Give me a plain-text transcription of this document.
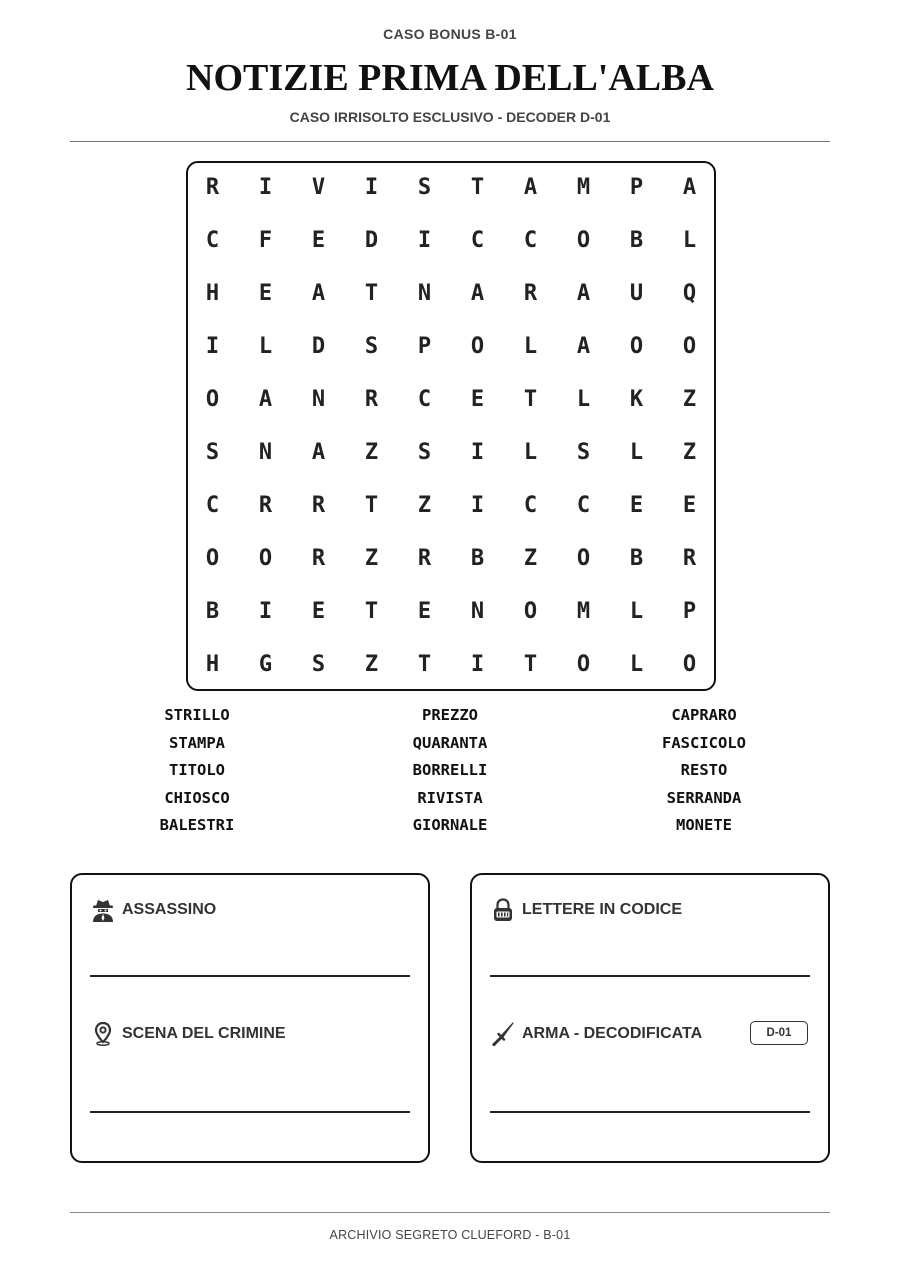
CASO BONUS B-01
NOTIZIE PRIMA DELL'ALBA
CASO IRRISOLTO ESCLUSIVO - DECODER D-01
R	I	V	I	S	T	A	M	P	A
C	F	E	D	I	C	C	O	B	L
H	E	A	T	N	A	R	A	U	Q
I	L	D	S	P	O	L	A	O	O
O	A	N	R	C	E	T	L	K	Z
S	N	A	Z	S	I	L	S	L	Z
C	R	R	T	Z	I	C	C	E	E
O	O	R	Z	R	B	Z	O	B	R
B	I	E	T	E	N	O	M	L	P
H	G	S	Z	T	I	T	O	L	O
STRILLO
STAMPA
TITOLO
CHIOSCO
BALESTRI
PREZZO
QUARANTA
BORRELLI
RIVISTA
GIORNALE
CAPRARO
FASCICOLO
RESTO
SERRANDA
MONETE
ASSASSINO
SCENA DEL CRIMINE
LETTERE IN CODICE
ARMA - DECODIFICATA	D-01
ARCHIVIO SEGRETO CLUEFORD - B-01
